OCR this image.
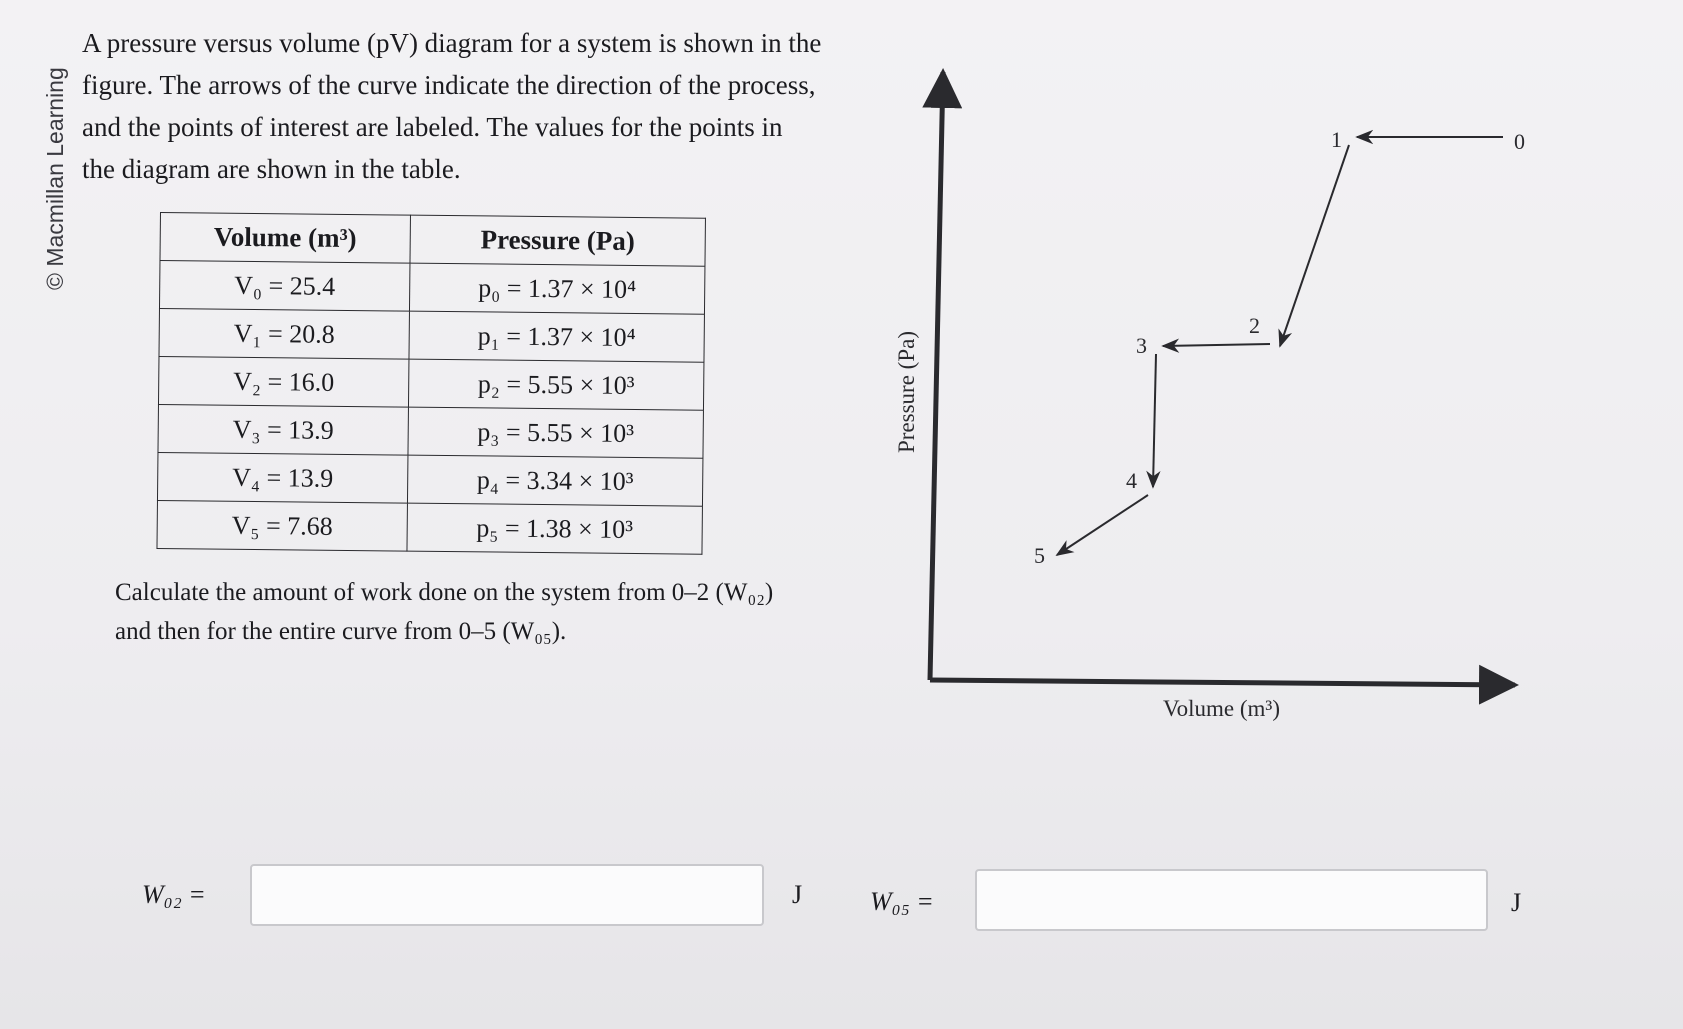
© Macmillan Learning
A pressure versus volume (pV) diagram for a system is shown in the figure. The arrows of the curve indicate the direction of the process, and the points of interest are labeled. The values for the points in the diagram are shown in the table.
Volume (m³)	Pressure (Pa)
V₀ = 25.4	p₀ = 1.37 × 10⁴
V₁ = 20.8	p₁ = 1.37 × 10⁴
V₂ = 16.0	p₂ = 5.55 × 10³
V₃ = 13.9	p₃ = 5.55 × 10³
V₄ = 13.9	p₄ = 3.34 × 10³
V₅ = 7.68	p₅ = 1.38 × 10³
Calculate the amount of work done on the system from 0–2 (W₀₂) and then for the entire curve from 0–5 (W₀₅).
0
1
2
3
4
5
Pressure (Pa)
Volume (m³)
W₀₂ =	J	W₀₅ =	J
